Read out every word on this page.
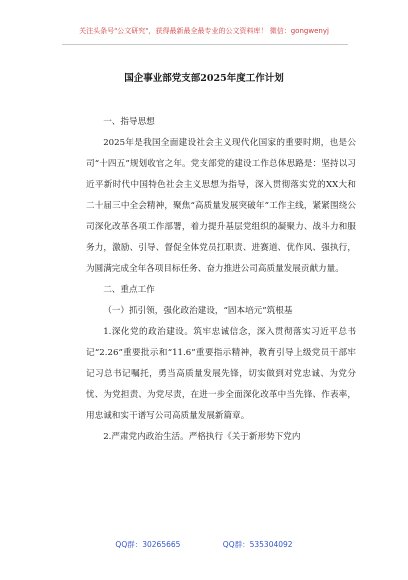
关注头条号"公文研究"，获得最新最全最专业的公文资料库！ 微信：gongwenyj
国企事业部党支部2025年度工作计划

一、指导思想

2025年是我国全面建设社会主义现代化国家的重要时期，也是公司“十四五”规划收官之年。党支部党的建设工作总体思路是：坚持以习近平新时代中国特色社会主义思想为指导，深入贯彻落实党的XX大和二十届三中全会精神，聚焦“高质量发展突破年”工作主线，紧紧围绕公司深化改革各项工作部署，着力提升基层党组织的凝聚力、战斗力和服务力，激励、引导、督促全体党员扛职责、进赛道、优作风、强执行，为圆满完成全年各项目标任务、奋力推进公司高质量发展贡献力量。

二、重点工作

（一）抓引领，强化政治建设，“固本培元”筑根基

1.深化党的政治建设。筑牢忠诚信念，深入贯彻落实习近平总书记“2.26”重要批示和“11.6”重要指示精神，教育引导上级党员干部牢记习总书记嘱托，勇当高质量发展先锋，切实做到对党忠诚、为党分忧、为党担责、为党尽责，在进一步全面深化改革中当先锋、作表率，用忠诚和实干谱写公司高质量发展新篇章。

2.严肃党内政治生活。严格执行《关于新形势下党内

QQ群：30265665	QQ群：535304092
